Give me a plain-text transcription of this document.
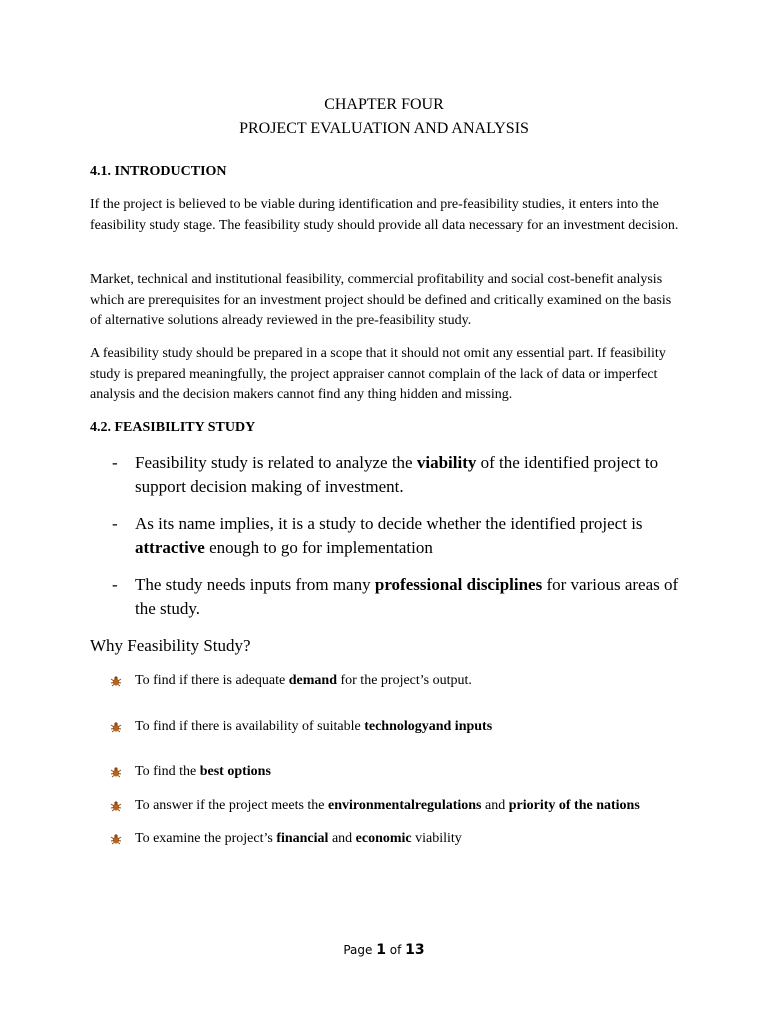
CHAPTER FOUR
PROJECT EVALUATION AND ANALYSIS
4.1. INTRODUCTION
If the project is believed to be viable during identification and pre-feasibility studies, it enters into the feasibility study stage. The feasibility study should provide all data necessary for an investment decision.
Market, technical and institutional feasibility, commercial profitability and social cost-benefit analysis which are prerequisites for an investment project should be defined and critically examined on the basis of alternative solutions already reviewed in the pre-feasibility study.
A feasibility study should be prepared in a scope that it should not omit any essential part. If feasibility study is prepared meaningfully, the project appraiser cannot complain of the lack of data or imperfect analysis and the decision makers cannot find any thing hidden and missing.
4.2. FEASIBILITY STUDY
- Feasibility study is related to analyze the viability of the identified project to support decision making of investment.
- As its name implies, it is a study to decide whether the identified project is attractive enough to go for implementation
- The study needs inputs from many professional disciplines for various areas of the study.
Why Feasibility Study?
To find if there is adequate demand for the project’s output.
To find if there is availability of suitable technologyand inputs
To find the best options
To answer if the project meets the environmentalregulations and priority of the nations
To examine the project’s financial and economic viability
Page 1 of 13
